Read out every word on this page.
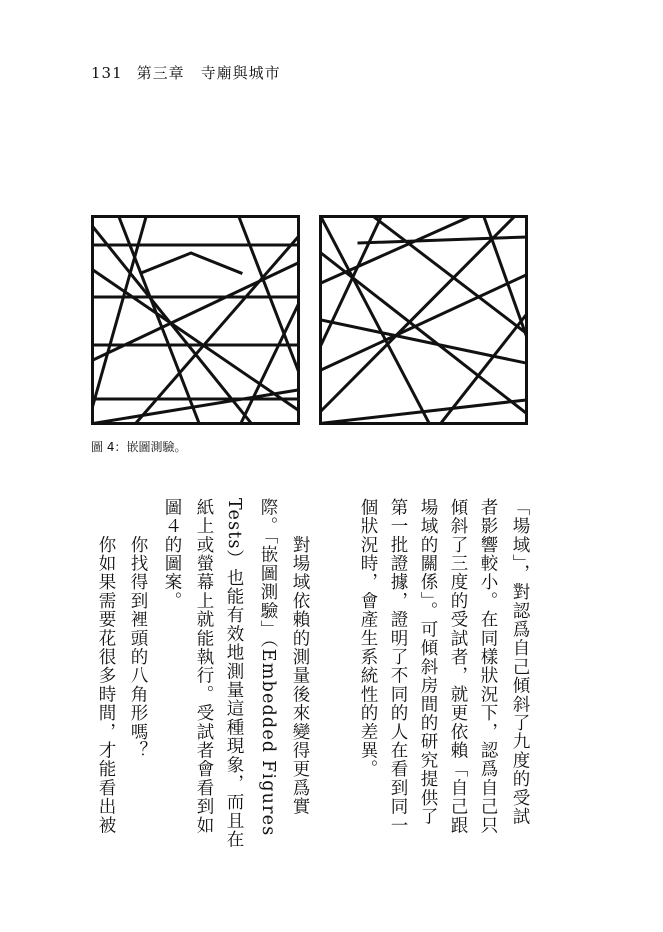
131 第三章　寺廟與城市
圖 4：嵌圖測驗。
「場域」，對認爲自己傾斜了九度的受試
者影響較小。在同樣狀況下，認爲自己只
傾斜了三度的受試者，就更依賴「自己跟
場域的關係」。可傾斜房間的研究提供了
第一批證據，證明了不同的人在看到同一
個狀況時，會產生系統性的差異。
　　對場域依賴的測量後來變得更爲實
際。「嵌圖測驗」（Embedded Figures
Tests）也能有效地測量這種現象，而且在
紙上或螢幕上就能執行。受試者會看到如
圖４的圖案。
　　你找得到裡頭的八角形嗎？
　　你如果需要花很多時間，才能看出被
